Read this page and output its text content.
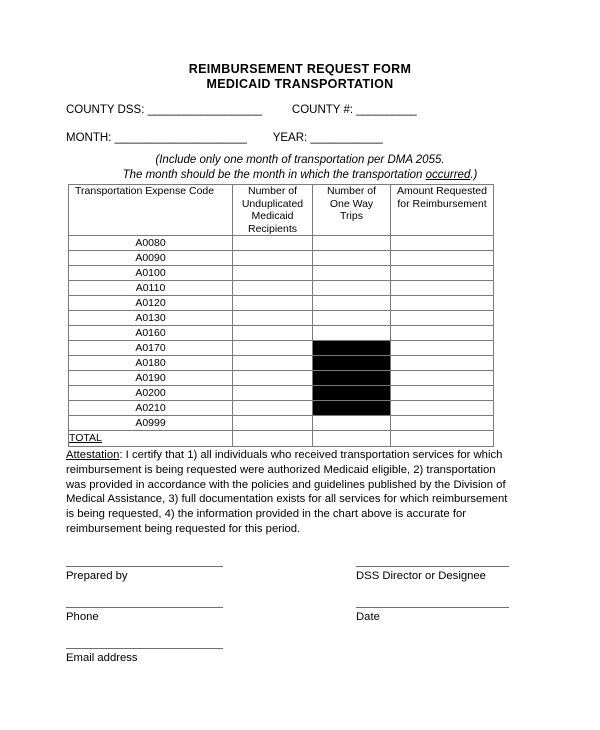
REIMBURSEMENT REQUEST FORM
MEDICAID TRANSPORTATION
COUNTY DSS: ___________________	COUNTY #: __________
MONTH: ______________________ YEAR: ____________
(Include only one month of transportation per DMA 2055.
The month should be the month in which the transportation occurred.)
Transportation Expense Code	Number of
Unduplicated
Medicaid
Recipients

Number of
One Way
Trips

Amount Requested
for Reimbursement

A0080			
A0090			
A0100			
A0110			
A0120			
A0130			
A0160			
A0170			
A0180			
A0190			
A0200			
A0210			
A0999			
TOTAL			
Attestation: I certify that 1) all individuals who received transportation services for which reimbursement is being requested were authorized Medicaid eligible, 2) transportation was provided in accordance with the policies and guidelines published by the Division of Medical Assistance, 3) full documentation exists for all services for which reimbursement is being requested, 4) the information provided in the chart above is accurate for reimbursement being requested for this period.
Prepared by
Phone
Email address
DSS Director or Designee
Date
